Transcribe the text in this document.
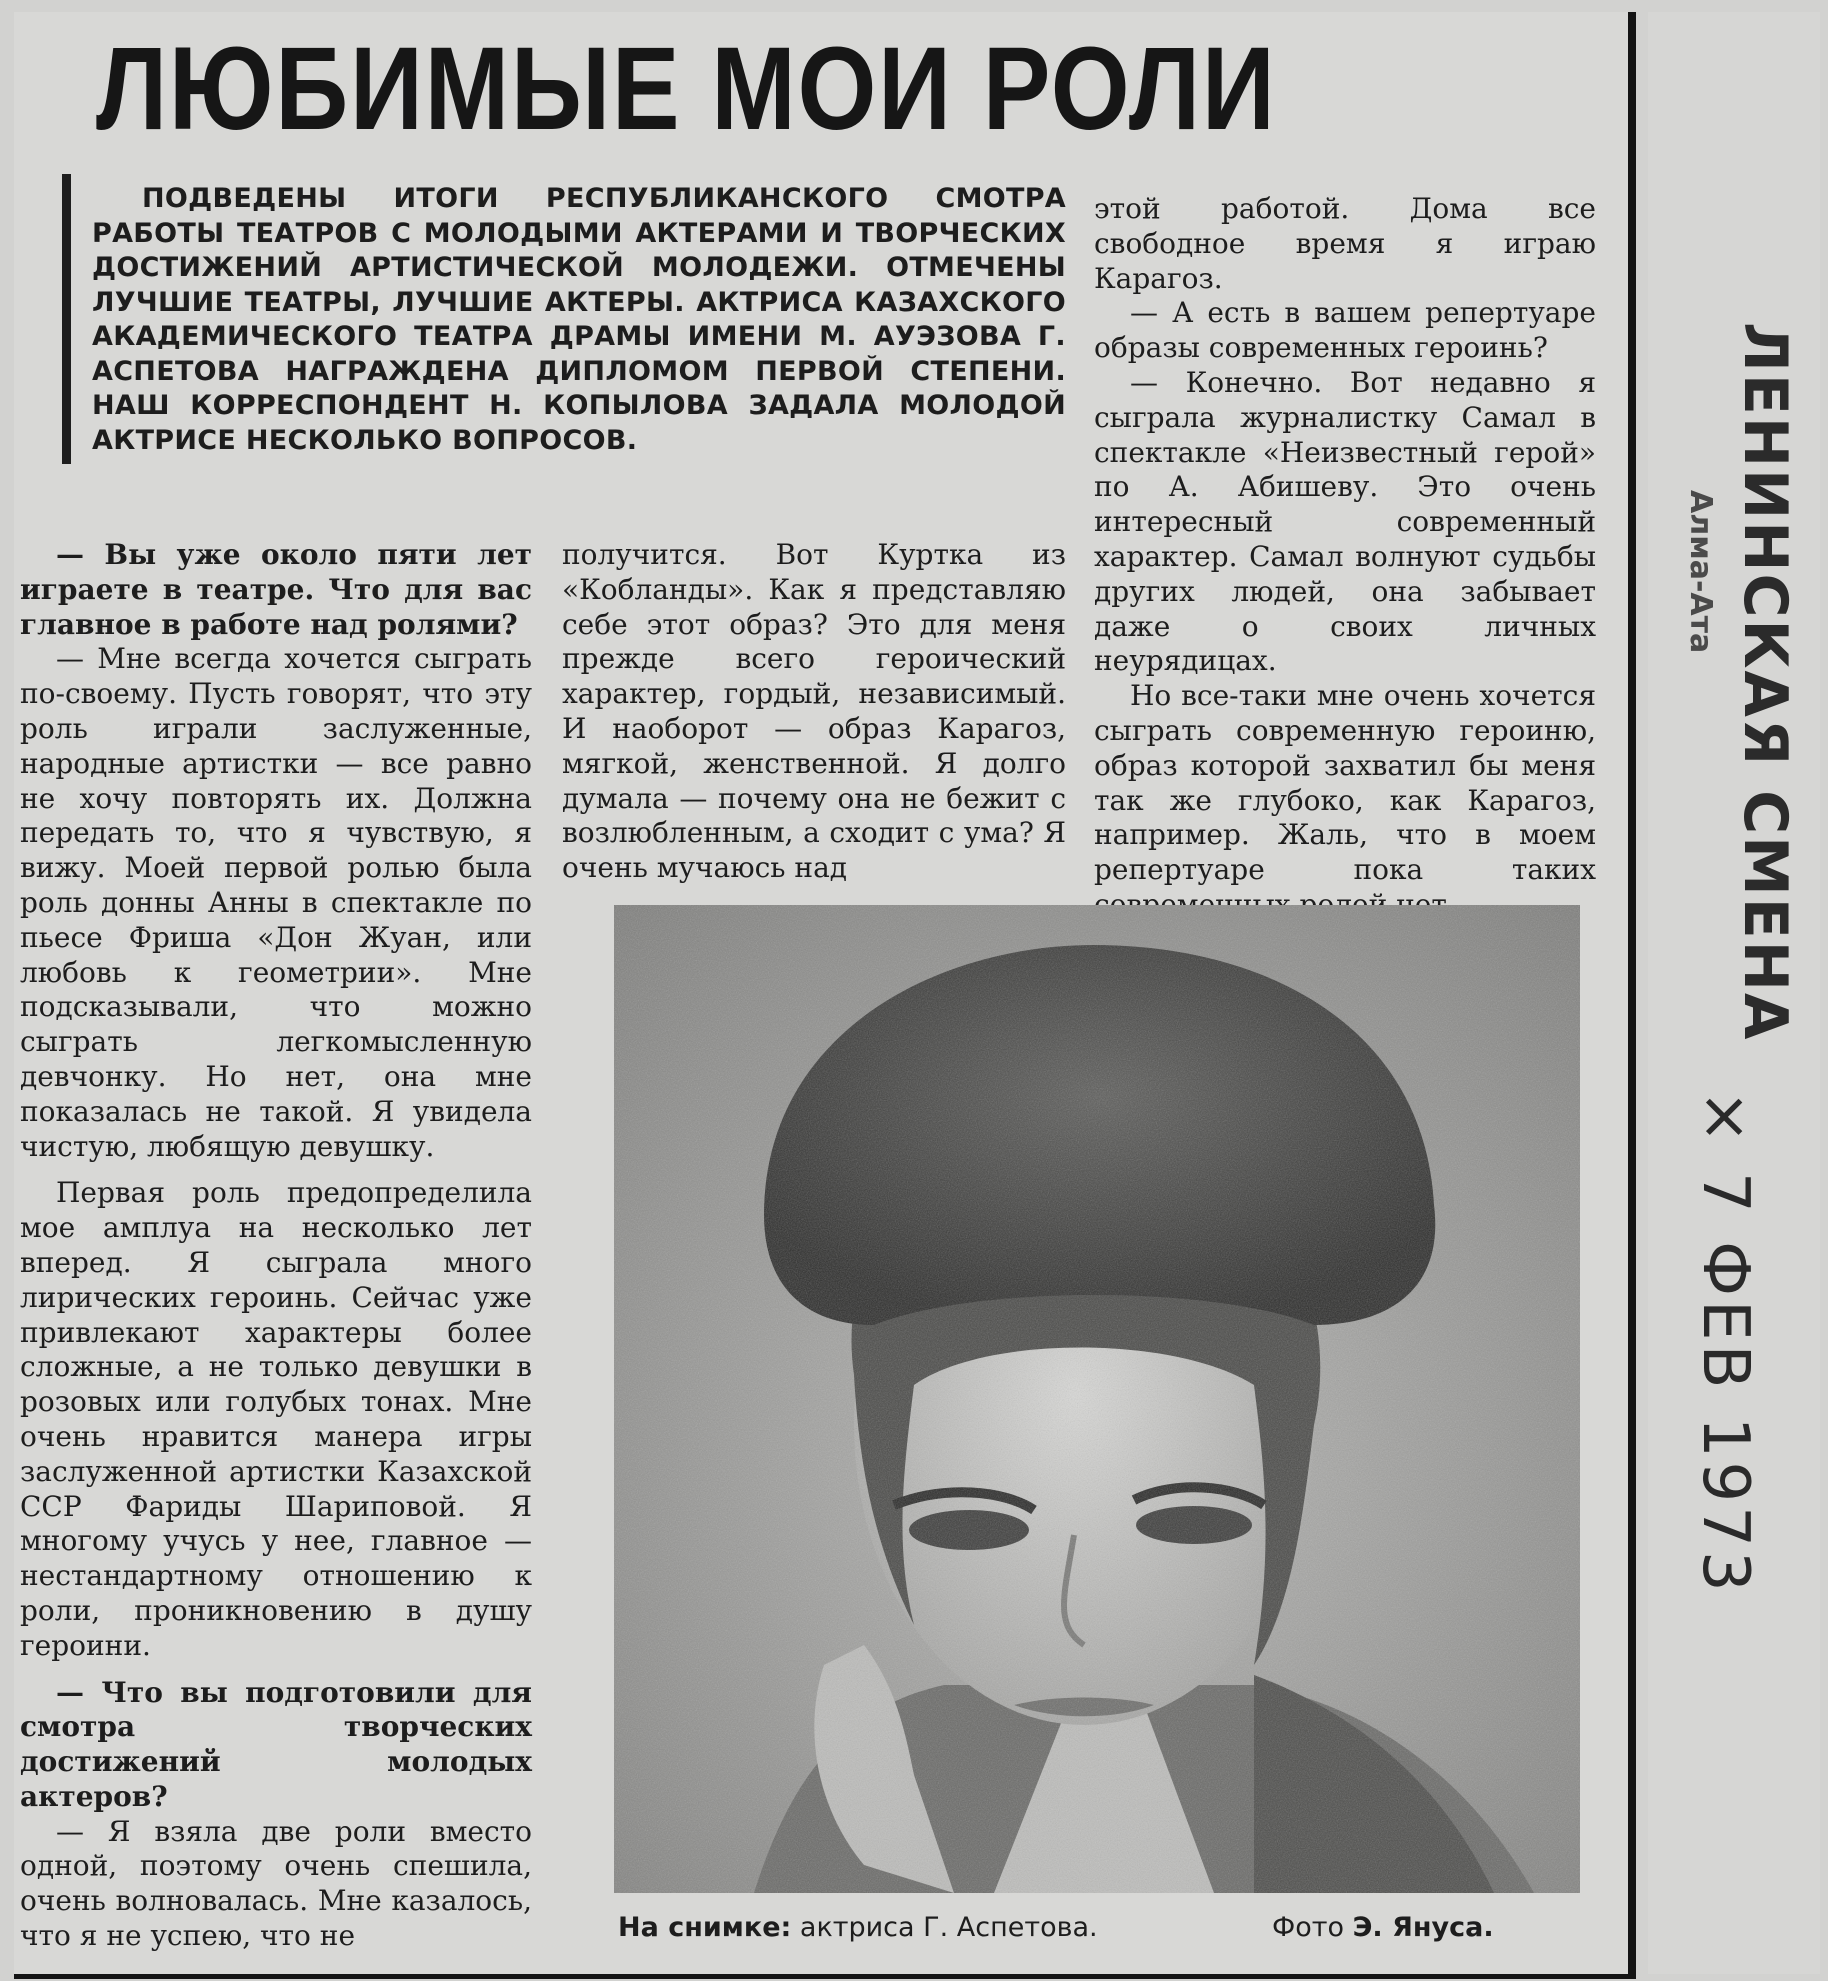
ЛЮБИМЫЕ МОИ РОЛИ
ПОДВЕДЕНЫ ИТОГИ РЕСПУБЛИКАНСКОГО СМОТРА РАБОТЫ ТЕАТРОВ С МОЛОДЫМИ АКТЕРАМИ И ТВОРЧЕСКИХ ДОСТИЖЕНИЙ АРТИСТИЧЕСКОЙ МОЛОДЕЖИ. ОТМЕЧЕНЫ ЛУЧШИЕ ТЕАТРЫ, ЛУЧШИЕ АКТЕРЫ. АКТРИСА КАЗАХСКОГО АКАДЕМИЧЕСКОГО ТЕАТРА ДРАМЫ ИМЕНИ М. АУЭЗОВА Г. АСПЕТОВА НАГРАЖДЕНА ДИПЛОМОМ ПЕРВОЙ СТЕПЕНИ. НАШ КОРРЕСПОНДЕНТ Н. КОПЫЛОВА ЗАДАЛА МОЛОДОЙ АКТРИСЕ НЕСКОЛЬКО ВОПРОСОВ.

— Вы уже около пяти лет играете в театре. Что для вас главное в работе над ролями?

— Мне всегда хочется сыграть по-своему. Пусть говорят, что эту роль играли заслуженные, народные артистки — все равно не хочу повторять их. Должна передать то, что я чувствую, я вижу. Моей первой ролью была роль донны Анны в спектакле по пьесе Фриша «Дон Жуан, или любовь к геометрии». Мне подсказывали, что можно сыграть легкомысленную девчонку. Но нет, она мне показалась не такой. Я увидела чистую, любящую девушку.

Первая роль предопределила мое амплуа на несколько лет вперед. Я сыграла много лирических героинь. Сейчас уже привлекают характеры более сложные, а не только девушки в розовых или голубых тонах. Мне очень нравится манера игры заслуженной артистки Казахской ССР Фариды Шариповой. Я многому учусь у нее, главное — нестандартному отношению к роли, проникновению в душу героини.

— Что вы подготовили для смотра творческих достижений молодых актеров?

— Я взяла две роли вместо одной, поэтому очень спешила, очень волновалась. Мне казалось, что я не успею, что не

получится. Вот Куртка из «Кобланды». Как я представляю себе этот образ? Это для меня прежде всего героический характер, гордый, независимый. И наоборот — образ Карагоз, мягкой, женственной. Я долго думала — почему она не бежит с возлюбленным, а сходит с ума? Я очень мучаюсь над

этой работой. Дома все свободное время я играю Карагоз.

— А есть в вашем репертуаре образы современных героинь?

— Конечно. Вот недавно я сыграла журналистку Самал в спектакле «Неизвестный герой» по А. Абишеву. Это очень интересный современный характер. Самал волнуют судьбы других людей, она забывает даже о своих личных неурядицах.

Но все-таки мне очень хочется сыграть современную героиню, образ которой захватил бы меня так же глубоко, как Карагоз, например. Жаль, что в моем репертуаре пока таких

На снимке: актриса Г. Аспетова.	Фото Э. Януса.
ЛЕНИНСКАЯ СМЕНА
Алма-Ата
× 7 ФЕВ 1973
